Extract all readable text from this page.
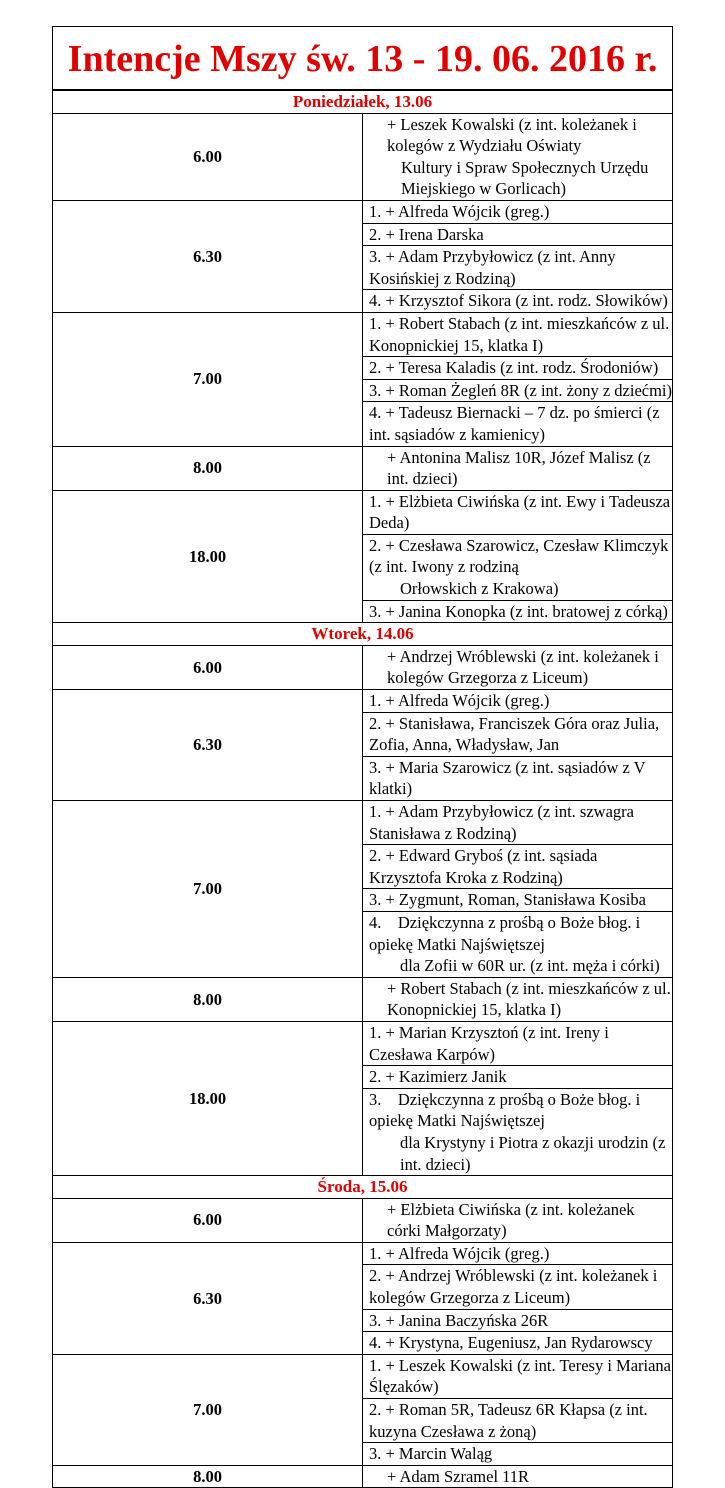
Intencje Mszy św. 13 - 19. 06. 2016 r.
Poniedziałek, 13.06	
6.00	+ Leszek Kowalski (z int. koleżanek i kolegów z Wydziału Oświaty
Kultury i Spraw Społecznych Urzędu Miejskiego w Gorlicach)

6.30	1. + Alfreda Wójcik (greg.)
	2. + Irena Darska
	3. + Adam Przybyłowicz (z int. Anny Kosińskiej z Rodziną)
	4. + Krzysztof Sikora (z int. rodz. Słowików)
7.00	1. + Robert Stabach (z int. mieszkańców z ul. Konopnickiej 15, klatka I)
	2. + Teresa Kaladis (z int. rodz. Środoniów)
	3. + Roman Żegleń 8R (z int. żony z dziećmi)
	4. + Tadeusz Biernacki – 7 dz. po śmierci (z int. sąsiadów z kamienicy)
8.00	+ Antonina Malisz 10R, Józef Malisz (z int. dzieci)
18.00	1. + Elżbieta Ciwińska (z int. Ewy i Tadeusza Deda)
	2. + Czesława Szarowicz, Czesław Klimczyk (z int. Iwony z rodziną
Orłowskich z Krakowa)

	3. + Janina Konopka (z int. bratowej z córką)
Wtorek, 14.06	
6.00	+ Andrzej Wróblewski (z int. koleżanek i kolegów Grzegorza z Liceum)
6.30	1. + Alfreda Wójcik (greg.)
	2. + Stanisława, Franciszek Góra oraz Julia, Zofia, Anna, Władysław, Jan
	3. + Maria Szarowicz (z int. sąsiadów z V klatki)
7.00	1. + Adam Przybyłowicz (z int. szwagra Stanisława z Rodziną)
	2. + Edward Gryboś (z int. sąsiada Krzysztofa Kroka z Rodziną)
	3. + Zygmunt, Roman, Stanisława Kosiba
	4.    Dziękczynna z prośbą o Boże błog. i opiekę Matki Najświętszej
dla Zofii w 60R ur. (z int. męża i córki)

8.00	+ Robert Stabach (z int. mieszkańców z ul. Konopnickiej 15, klatka I)
18.00	1. + Marian Krzysztoń (z int. Ireny i Czesława Karpów)
	2. + Kazimierz Janik
	3.    Dziękczynna z prośbą o Boże błog. i opiekę Matki Najświętszej
dla Krystyny i Piotra z okazji urodzin (z int. dzieci)

Środa, 15.06	
6.00	+ Elżbieta Ciwińska (z int. koleżanek córki Małgorzaty)
6.30	1. + Alfreda Wójcik (greg.)
	2. + Andrzej Wróblewski (z int. koleżanek i kolegów Grzegorza z Liceum)
	3. + Janina Baczyńska 26R
	4. + Krystyna, Eugeniusz, Jan Rydarowscy
7.00	1. + Leszek Kowalski (z int. Teresy i Mariana Ślęzaków)
	2. + Roman 5R, Tadeusz 6R Kłapsa (z int. kuzyna Czesława z żoną)
	3. + Marcin Waląg
8.00	+ Adam Szramel 11R
